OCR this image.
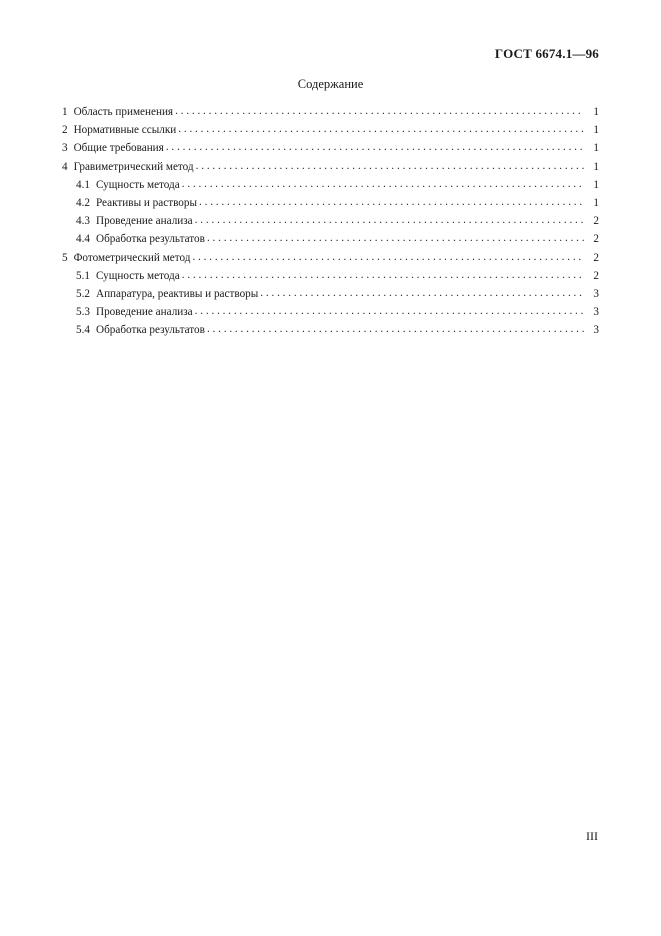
ГОСТ 6674.1—96
Содержание
1 Область применения . . .	1
2 Нормативные ссылки . . .	1
3 Общие требования . . .	1
4 Гравиметрический метод . . .	1
4.1 Сущность метода . . .	1
4.2 Реактивы и растворы . . .	1
4.3 Проведение анализа . . .	2
4.4 Обработка результатов . . .	2
5 Фотометрический метод . . .	2
5.1 Сущность метода . . .	2
5.2 Аппаратура, реактивы и растворы . . .	3
5.3 Проведение анализа . . .	3
5.4 Обработка результатов . . .	3
III
